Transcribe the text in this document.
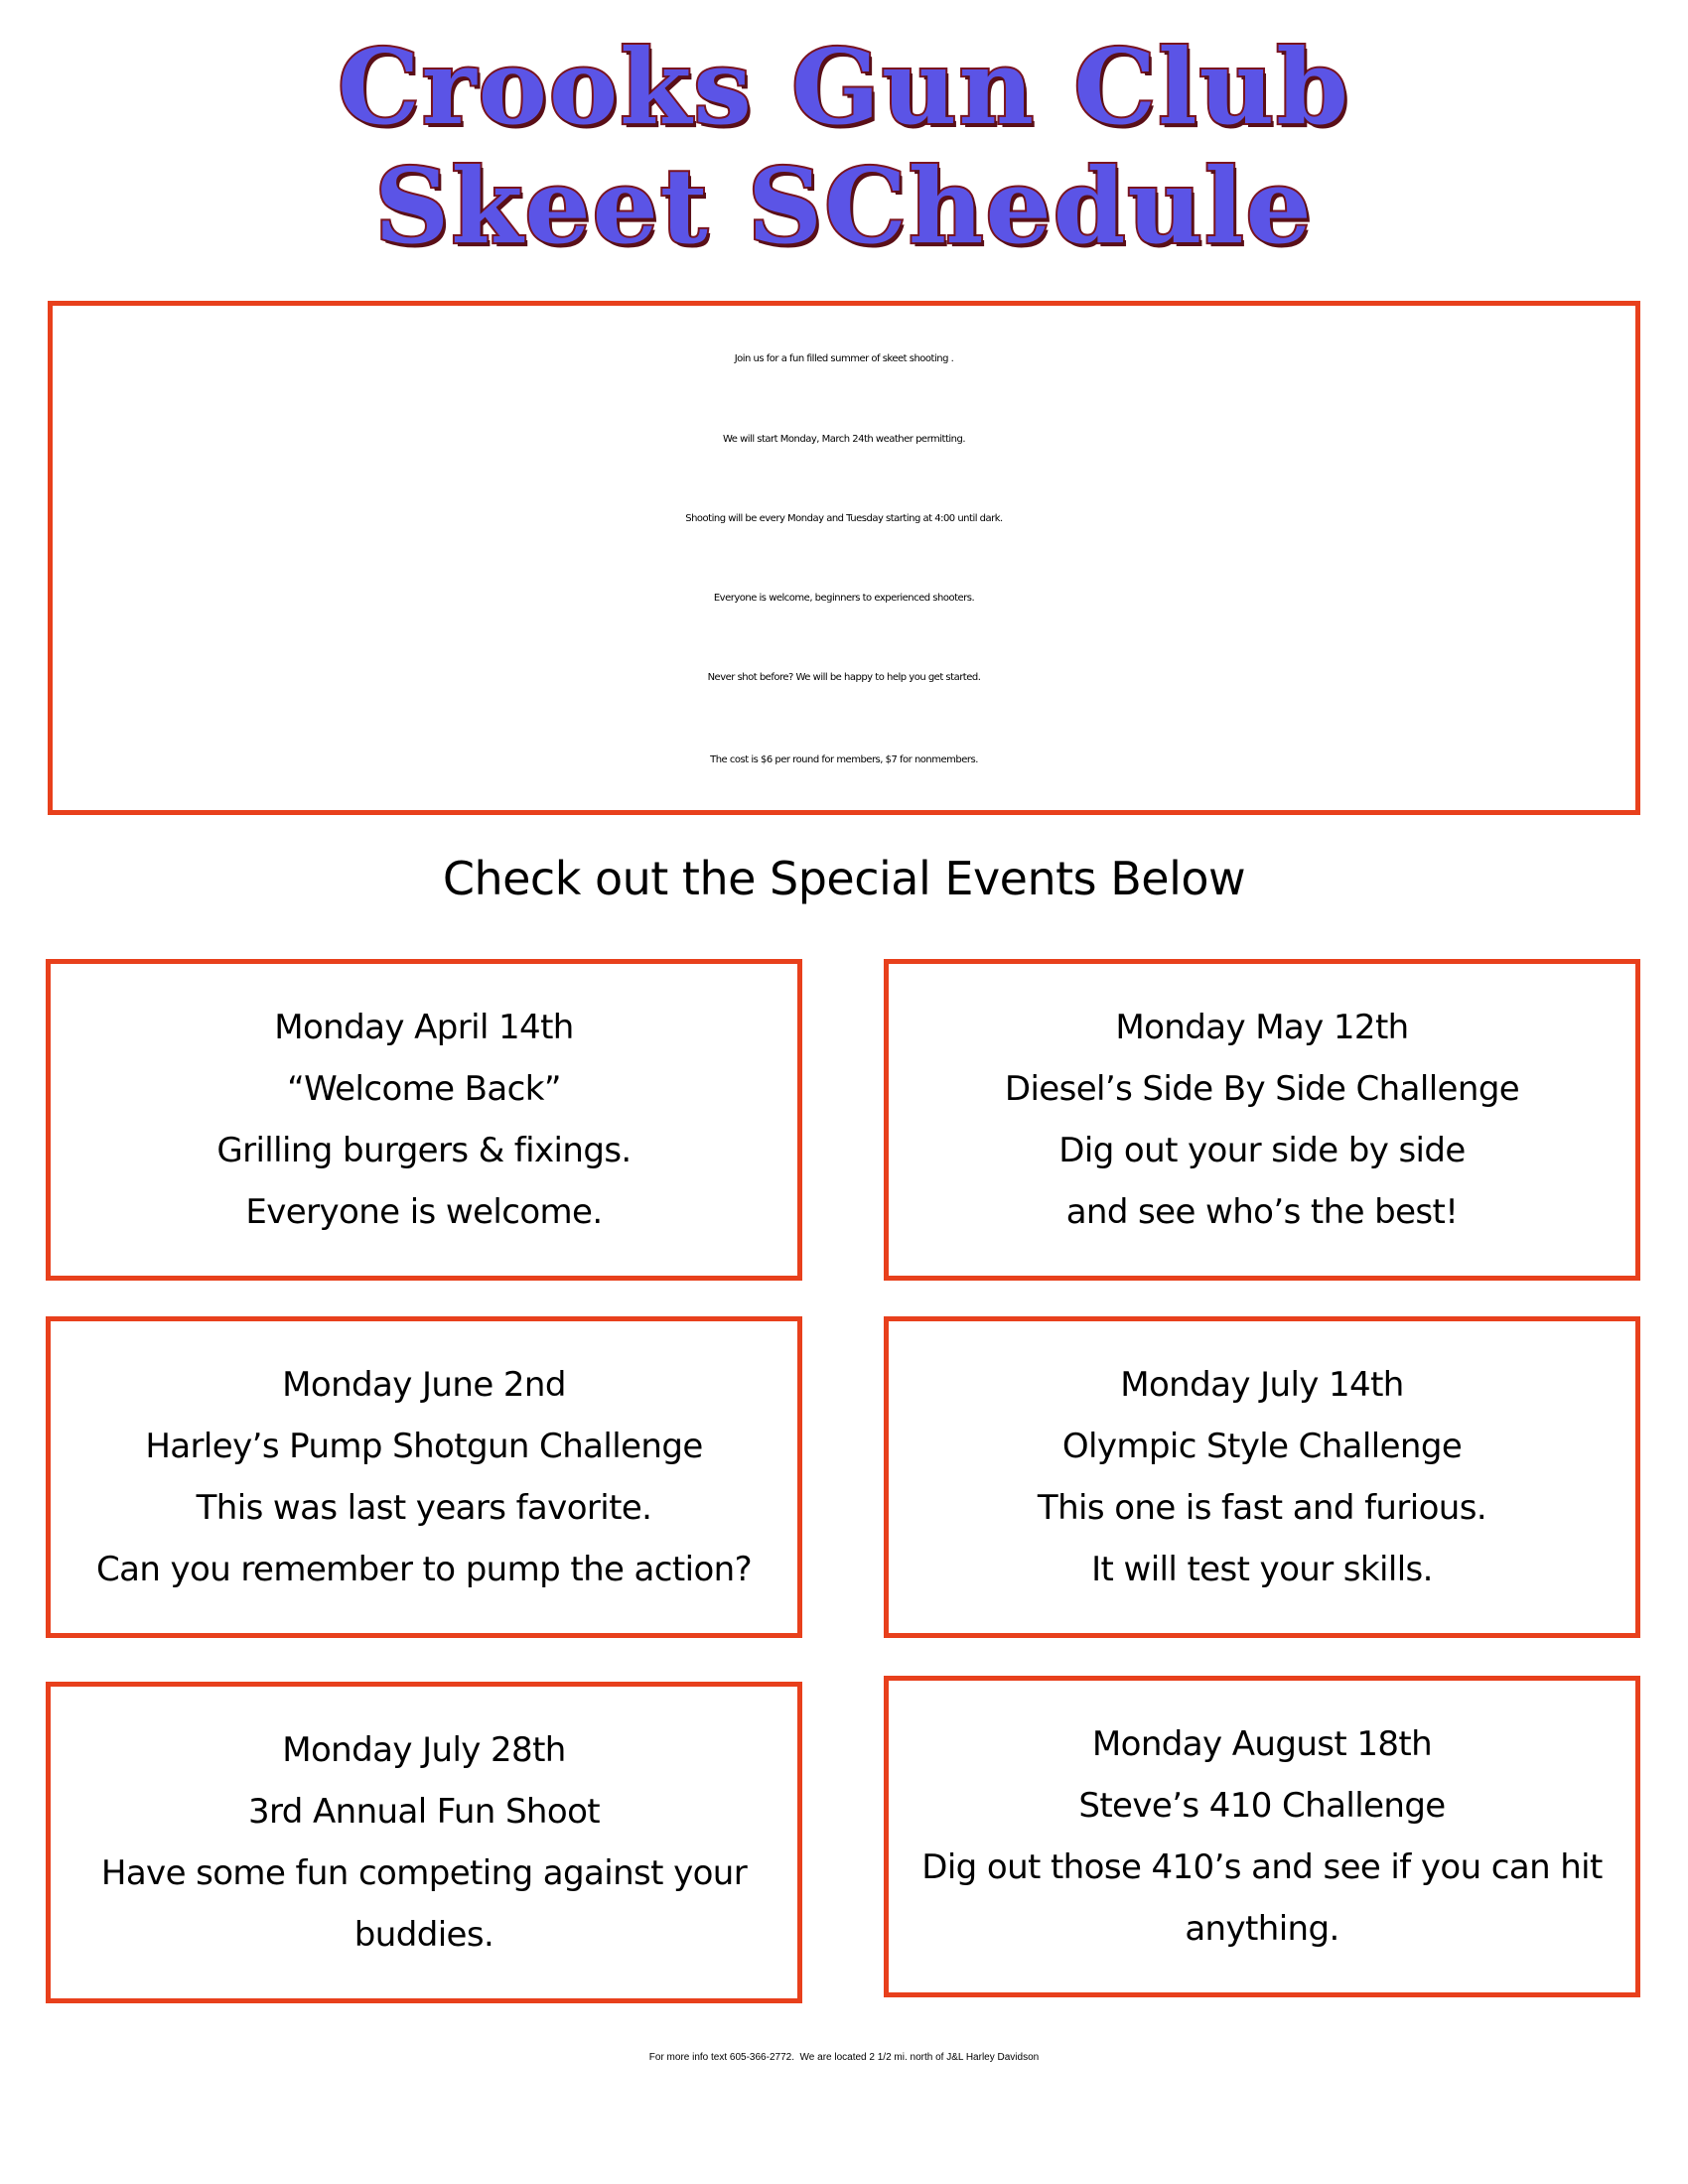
Crooks Gun Club
Skeet SChedule
Join us for a fun filled summer of skeet shooting .
We will start Monday, March 24th weather permitting.
Shooting will be every Monday and Tuesday starting at 4:00 until dark.
Everyone is welcome, beginners to experienced shooters.
Never shot before? We will be happy to help you get started.
The cost is $6 per round for members, $7 for nonmembers.
Check out the Special Events Below
Monday April 14th
“Welcome Back”
Grilling burgers & fixings.
Everyone is welcome.
Monday May 12th
Diesel’s Side By Side Challenge
Dig out your side by side
and see who’s the best!
Monday June 2nd
Harley’s Pump Shotgun Challenge
This was last years favorite.
Can you remember to pump the action?
Monday July 14th
Olympic Style Challenge
This one is fast and furious.
It will test your skills.
Monday July 28th
3rd Annual Fun Shoot
Have some fun competing against your
buddies.
Monday August 18th
Steve’s 410 Challenge
Dig out those 410’s and see if you can hit
anything.
For more info text 605-366-2772.  We are located 2 1/2 mi. north of J&L Harley Davidson
